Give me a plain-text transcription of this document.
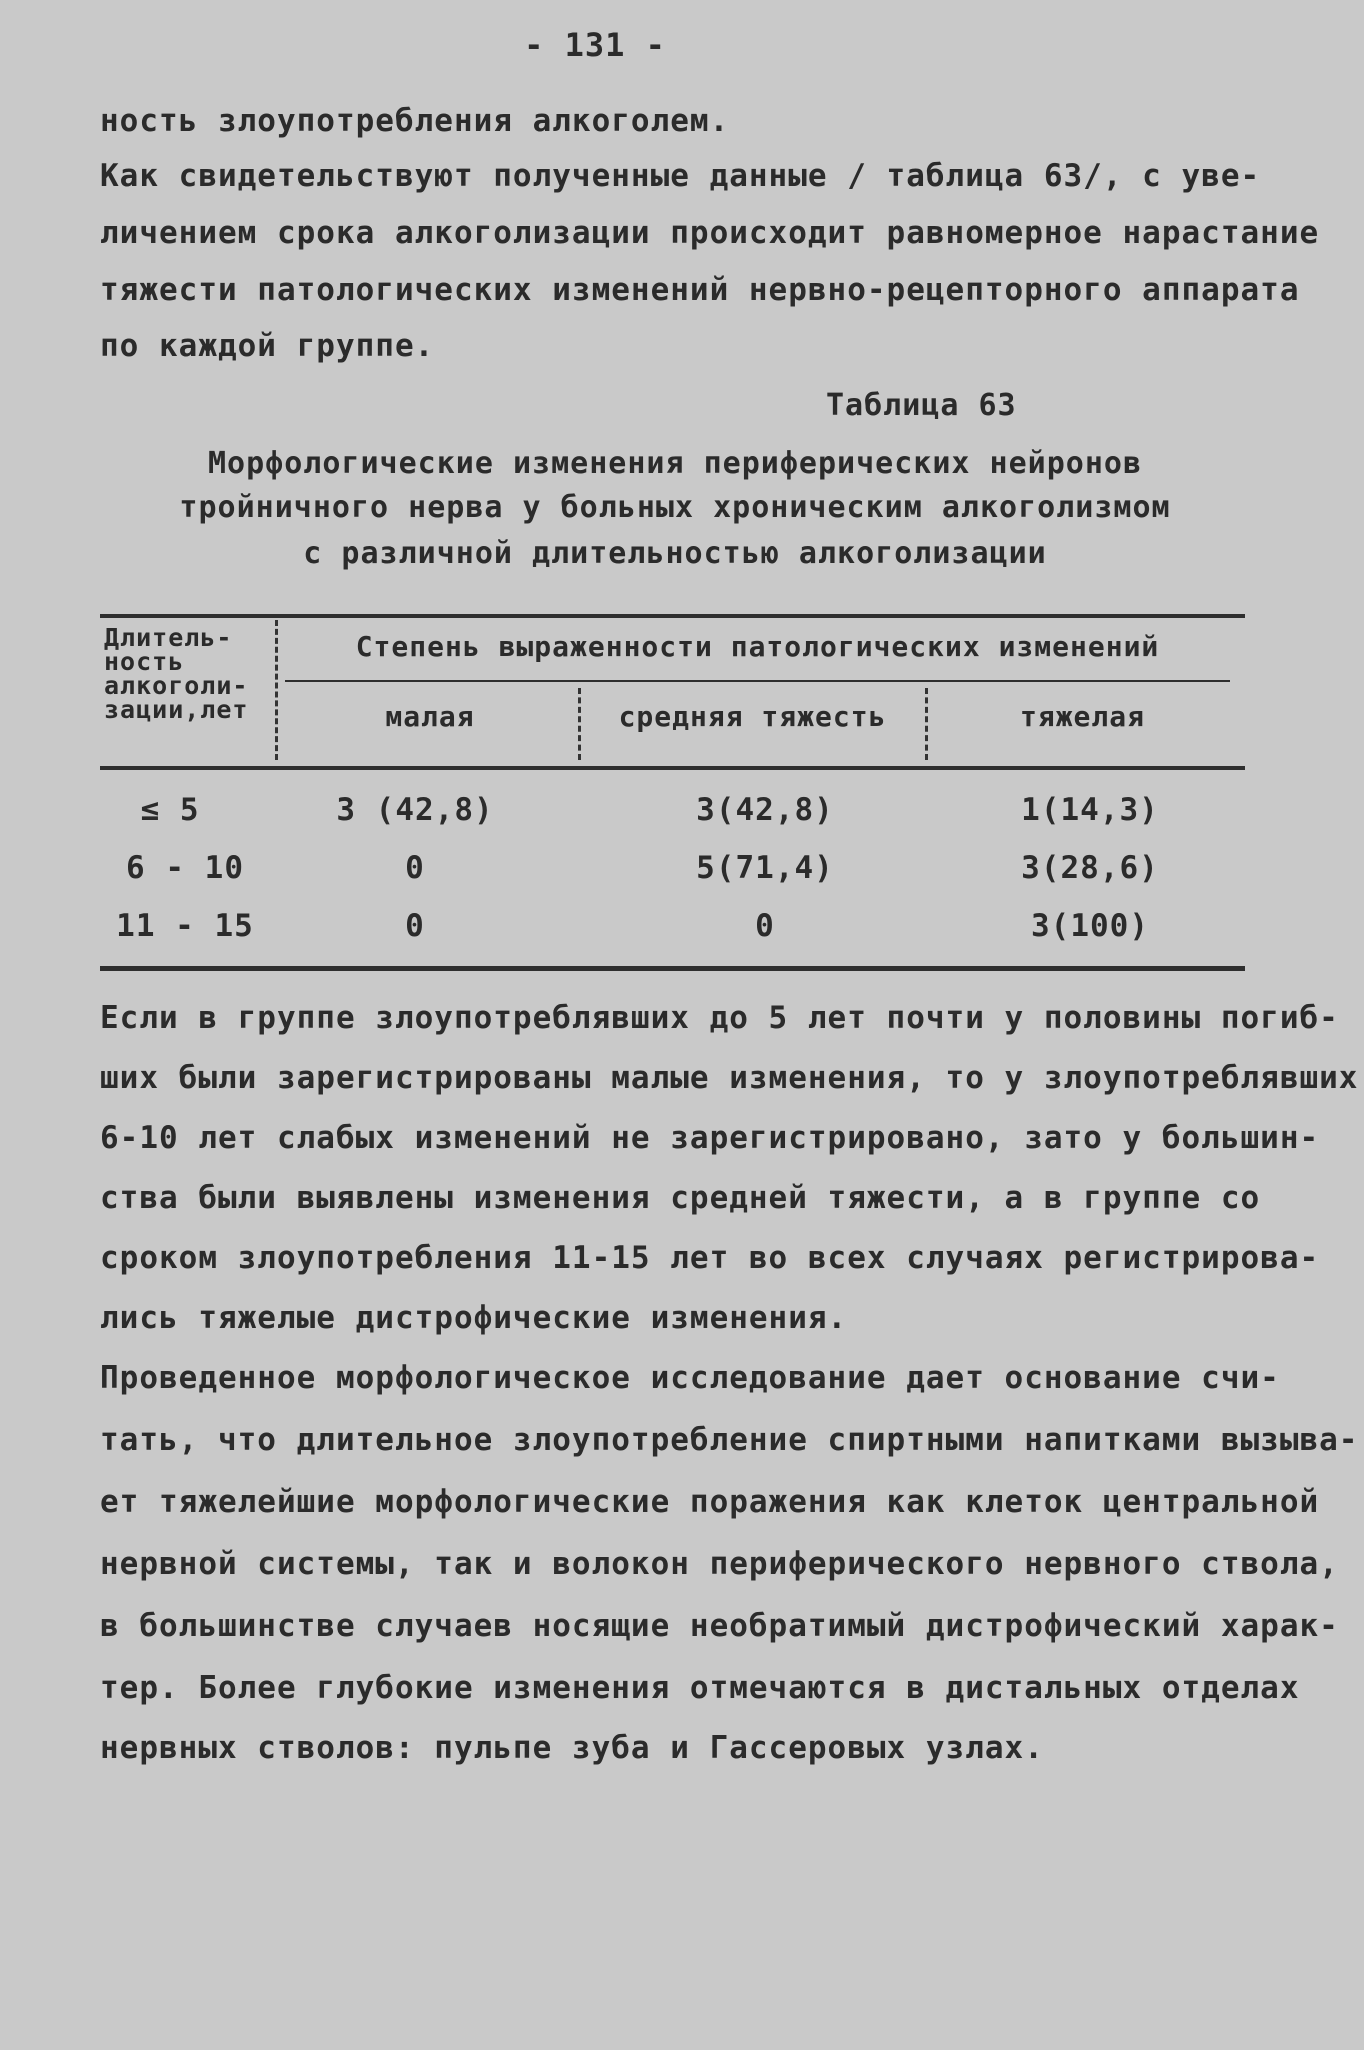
- 131 -
ность злоупотребления алкоголем.
Как свидетельствуют полученные данные / таблица 63/, с уве-
личением срока алкоголизации происходит равномерное нарастание
тяжести патологических изменений нервно-рецепторного аппарата
по каждой группе.
Таблица 63
Морфологические изменения периферических нейронов
тройничного нерва у больных хроническим алкоголизмом
с различной длительностью алкоголизации
Длитель-
ность
алкоголи-
зации,лет
Степень выраженности патологических изменений
малая	средняя тяжесть	тяжелая
≤ 5	3 (42,8)	3(42,8)	1(14,3)
6 - 10	0	5(71,4)	3(28,6)
11 - 15	0	0	3(100)
Если в группе злоупотреблявших до 5 лет почти у половины погиб-
ших были зарегистрированы малые изменения, то у злоупотреблявших
6-10 лет слабых изменений не зарегистрировано, зато у большин-
ства были выявлены изменения средней тяжести, а в группе со
сроком злоупотребления 11-15 лет во всех случаях регистрирова-
лись тяжелые дистрофические изменения.
Проведенное морфологическое исследование дает основание счи-
тать, что длительное злоупотребление спиртными напитками вызыва-
ет тяжелейшие морфологические поражения как клеток центральной
нервной системы, так и волокон периферического нервного ствола,
в большинстве случаев носящие необратимый дистрофический харак-
тер. Более глубокие изменения отмечаются в дистальных отделах
нервных стволов: пульпе зуба и Гассеровых узлах.
